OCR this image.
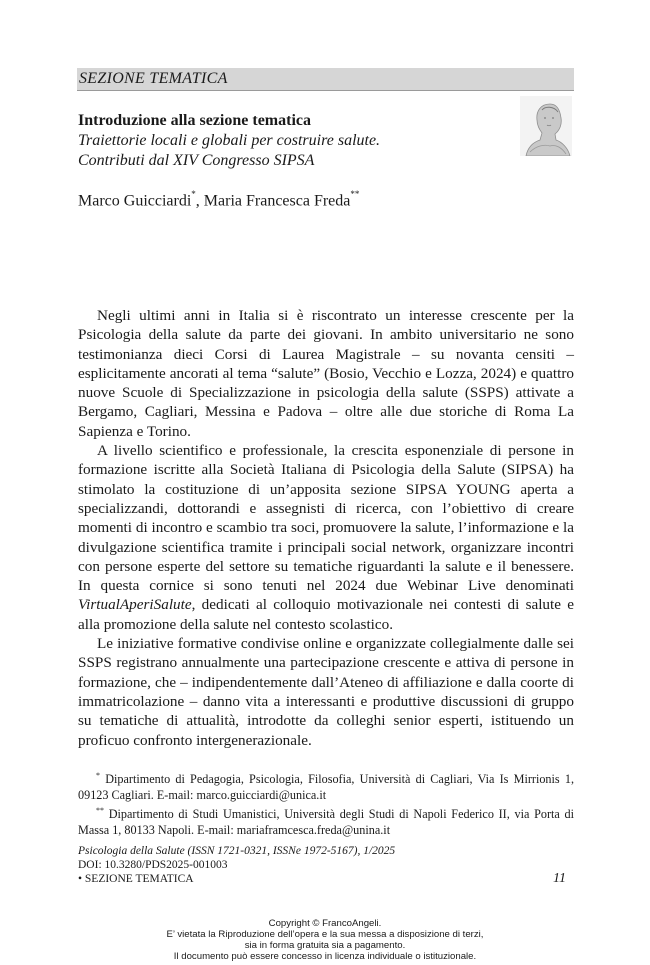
SEZIONE TEMATICA
Introduzione alla sezione tematica
Traiettorie locali e globali per costruire salute.
Contributi dal XIV Congresso SIPSA
Marco Guicciardi*, Maria Francesca Freda**

Negli ultimi anni in Italia si è riscontrato un interesse crescente per la Psicologia della salute da parte dei giovani. In ambito universitario ne sono testimonianza dieci Corsi di Laurea Magistrale – su novanta censiti – esplicitamente ancorati al tema “salute” (Bosio, Vecchio e Lozza, 2024) e quattro nuove Scuole di Specializzazione in psicologia della salute (SSPS) attivate a Bergamo, Cagliari, Messina e Padova – oltre alle due storiche di Roma La Sapienza e Torino.

A livello scientifico e professionale, la crescita esponenziale di persone in formazione iscritte alla Società Italiana di Psicologia della Salute (SIPSA) ha stimolato la costituzione di un’apposita sezione SIPSA YOUNG aperta a specializzandi, dottorandi e assegnisti di ricerca, con l’obiettivo di creare momenti di incontro e scambio tra soci, promuovere la salute, l’informazione e la divulgazione scientifica tramite i principali social network, organizzare incontri con persone esperte del settore su tematiche riguardanti la salute e il benessere. In questa cornice si sono tenuti nel 2024 due Webinar Live denominati VirtualAperiSalute, dedicati al colloquio motivazionale nei contesti di salute e alla promozione della salute nel contesto scolastico.

Le iniziative formative condivise online e organizzate collegialmente dalle sei SSPS registrano annualmente una partecipazione crescente e attiva di persone in formazione, che – indipendentemente dall’Ateneo di affiliazione e dalla coorte di immatricolazione – danno vita a interessanti e produttive discussioni di gruppo su tematiche di attualità, introdotte da colleghi senior esperti, istituendo un proficuo confronto intergenerazionale.

* Dipartimento di Pedagogia, Psicologia, Filosofia, Università di Cagliari, Via Is Mirrionis 1, 09123 Cagliari. E-mail: marco.guicciardi@unica.it

** Dipartimento di Studi Umanistici, Università degli Studi di Napoli Federico II, via Porta di Massa 1, 80133 Napoli. E-mail: mariaframcesca.freda@unina.it

Psicologia della Salute (ISSN 1721-0321, ISSNe 1972-5167), 1/2025
DOI: 10.3280/PDS2025-001003
• SEZIONE TEMATICA	11
Copyright © FrancoAngeli.
E’ vietata la Riproduzione dell’opera e la sua messa a disposizione di terzi,
sia in forma gratuita sia a pagamento.
Il documento può essere concesso in licenza individuale o istituzionale.
